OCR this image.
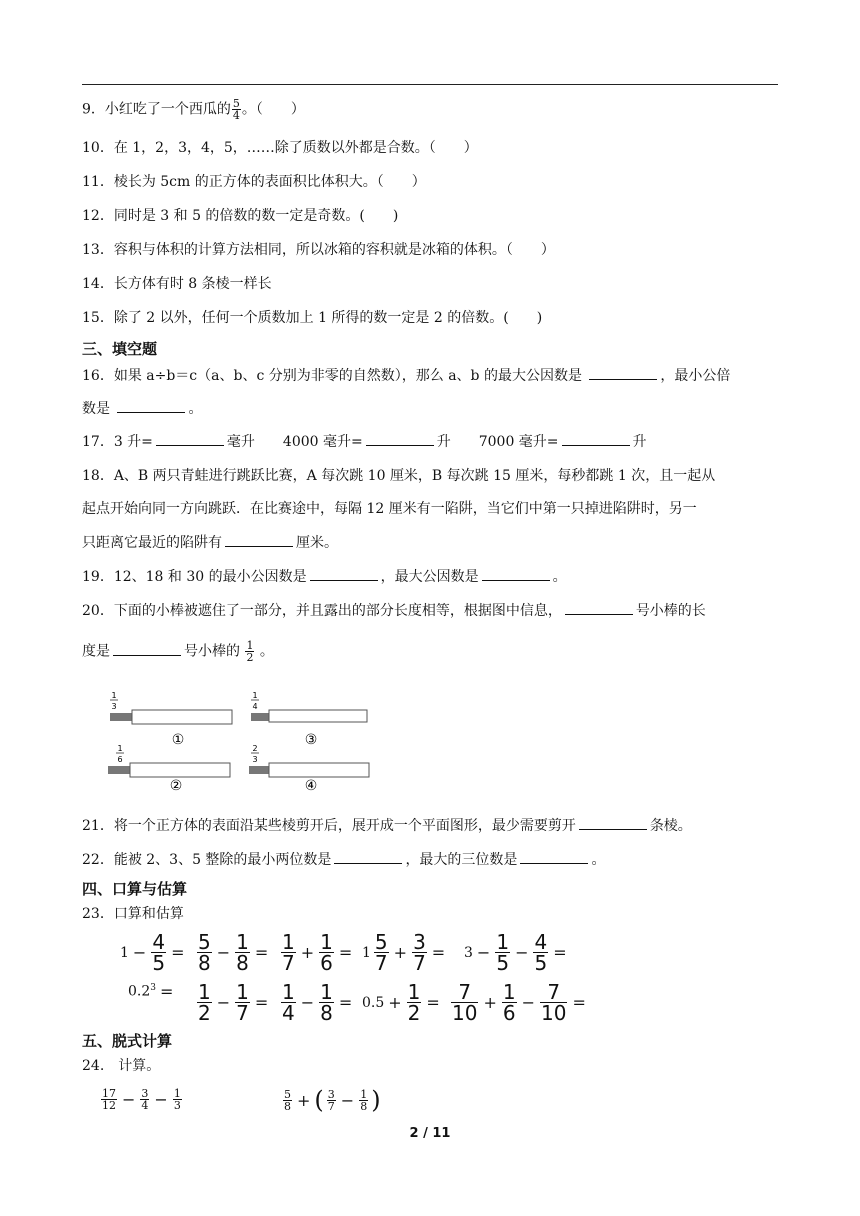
9．小红吃了一个西瓜的 $\frac{5}{4}$ 。（　　）
10．在 1，2，3，4，5，……除了质数以外都是合数。（　　）
11．棱长为 5cm 的正方体的表面积比体积大。（　　）
12．同时是 3 和 5 的倍数的数一定是奇数。(　　)
13．容积与体积的计算方法相同，所以冰箱的容积就是冰箱的体积。（　　）
14．长方体有时 8 条棱一样长
15．除了 2 以外，任何一个质数加上 1 所得的数一定是 2 的倍数。(　　)
三、填空题
16．如果 a÷b＝c（a、b、c 分别为非零的自然数），那么 a、b 的最大公因数是	，最小公倍
数是	。
17．3 升=	毫升　　4000 毫升=	升　　7000 毫升=	升
18．A、B 两只青蛙进行跳跃比赛，A 每次跳 10 厘米，B 每次跳 15 厘米，每秒都跳 1 次，且一起从
起点开始向同一方向跳跃．在比赛途中，每隔 12 厘米有一陷阱，当它们中第一只掉进陷阱时，另一
只距离它最近的陷阱有	厘米。
19．12、18 和 30 的最小公因数是	，最大公因数是	。
20．下面的小棒被遮住了一部分，并且露出的部分长度相等，根据图中信息，	号小棒的长
度是	号小棒的 $\frac{1}{2}$ 。
1
3
①
1
4
③
1
6
②
2
3
④
21．将一个正方体的表面沿某些棱剪开后，展开成一个平面图形，最少需要剪开	条棱。
22．能被 2、3、5 整除的最小两位数是	，最大的三位数是	。
四、口算与估算
23．口算和估算
$1 - \frac{4}{5} = \frac{5}{8} - \frac{1}{8} = \frac{1}{7} + \frac{1}{6} = 1 \frac{5}{7} + \frac{3}{7} = 3 - \frac{1}{5} - \frac{4}{5}$ =
$0.2^3 = \frac{1}{2} - \frac{1}{7} = \frac{1}{4} - \frac{1}{8} = 0.5 + \frac{1}{2} = \frac{7}{10} + \frac{1}{6} - \frac{7}{10}$ =
五、脱式计算
24.　计算。
$\frac{17}{12} - \frac{3}{4} - \frac{1}{3}$	$\frac{5}{8}$ + ( $\frac{3}{7} - \frac{1}{8}$ )
2 / 11
